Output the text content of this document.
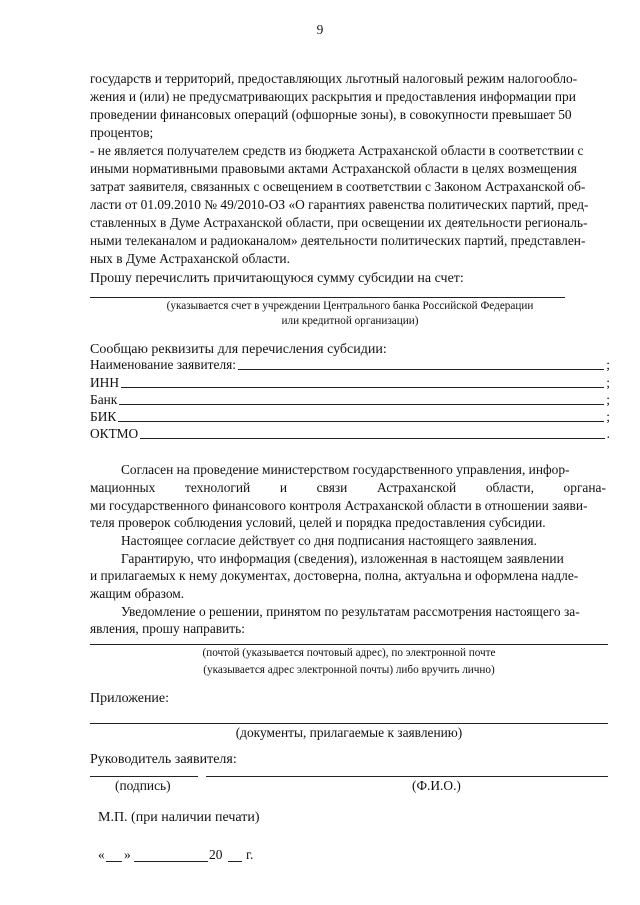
9
государств и территорий, предоставляющих льготный налоговый режим налогообло-
жения и (или) не предусматривающих раскрытия и предоставления информации при
проведении финансовых операций (офшорные зоны), в совокупности превышает 50
процентов;
- не является получателем средств из бюджета Астраханской области в соответствии с
иными нормативными правовыми актами Астраханской области в целях возмещения
затрат заявителя, связанных с освещением в соответствии с Законом Астраханской об-
ласти от 01.09.2010 № 49/2010-ОЗ «О гарантиях равенства политических партий, пред-
ставленных в Думе Астраханской области, при освещении их деятельности региональ-
ными телеканалом и радиоканалом» деятельности политических партий, представлен-
ных в Думе Астраханской области.
Прошу перечислить причитающуюся сумму субсидии на счет:
(указывается счет в учреждении Центрального банка Российской Федерации
или кредитной организации)
Сообщаю реквизиты для перечисления субсидии:
Наименование заявителя:	;
ИНН	;
Банк	;
БИК	;
ОКТМО	.
Согласен на проведение министерством государственного управления, инфор-
мационных технологий и связи Астраханской области, органа-
ми государственного финансового контроля Астраханской области в отношении заяви-
теля проверок соблюдения условий, целей и порядка предоставления субсидии.
Настоящее согласие действует со дня подписания настоящего заявления.
Гарантирую, что информация (сведения), изложенная в настоящем заявлении
и прилагаемых к нему документах, достоверна, полна, актуальна и оформлена надле-
жащим образом.
Уведомление о решении, принятом по результатам рассмотрения настоящего за-
явления, прошу направить:
(почтой (указывается почтовый адрес), по электронной почте
(указывается адрес электронной почты) либо вручить лично)
Приложение:
(документы, прилагаемые к заявлению)
Руководитель заявителя:
(подпись)	(Ф.И.О.)
М.П. (при наличии печати)
« »	20 г.
